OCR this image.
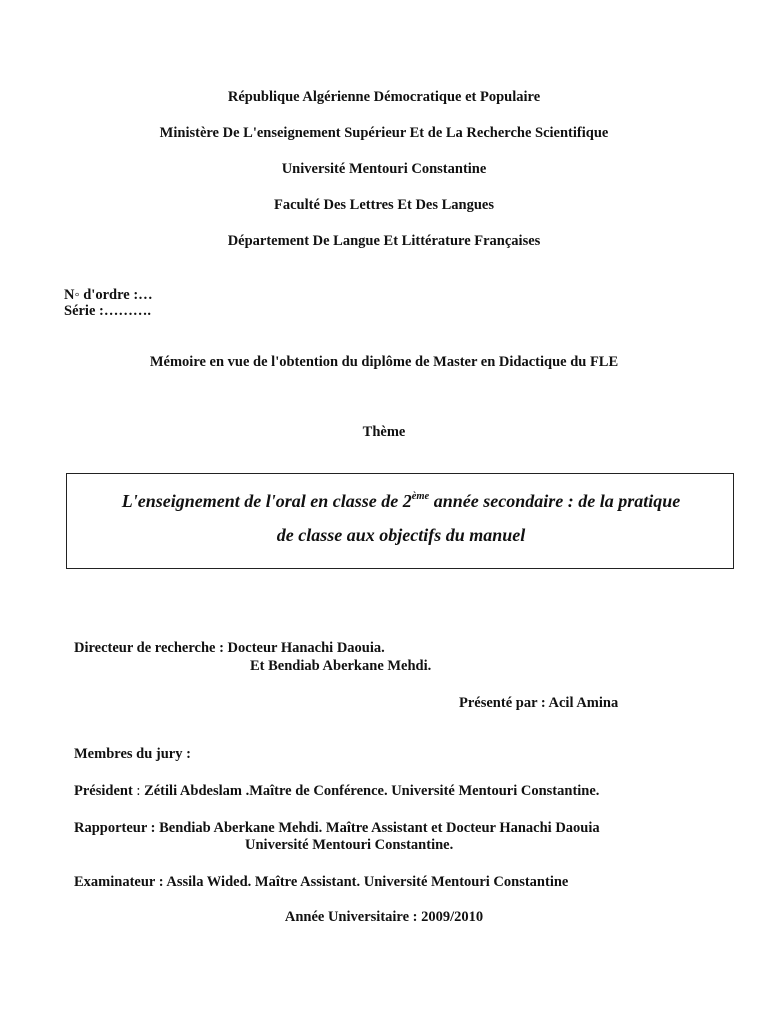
République Algérienne Démocratique et Populaire
Ministère De L'enseignement Supérieur Et de La Recherche Scientifique
Université Mentouri Constantine
Faculté Des Lettres Et Des Langues
Département De Langue Et Littérature Françaises
N◦ d'ordre :…
Série :……….
Mémoire en vue de l'obtention du diplôme de Master en Didactique du FLE
Thème
L'enseignement de l'oral en classe de 2ème année secondaire : de la pratique
de classe aux objectifs du manuel
Directeur de recherche : Docteur Hanachi Daouia.
Et Bendiab Aberkane Mehdi.
Présenté par : Acil Amina
Membres du jury :
Président : Zétili Abdeslam .Maître de Conférence. Université Mentouri Constantine.
Rapporteur : Bendiab Aberkane Mehdi. Maître Assistant et Docteur Hanachi Daouia
Université Mentouri Constantine.
Examinateur : Assila Wided. Maître Assistant. Université Mentouri Constantine
Année Universitaire : 2009/2010
